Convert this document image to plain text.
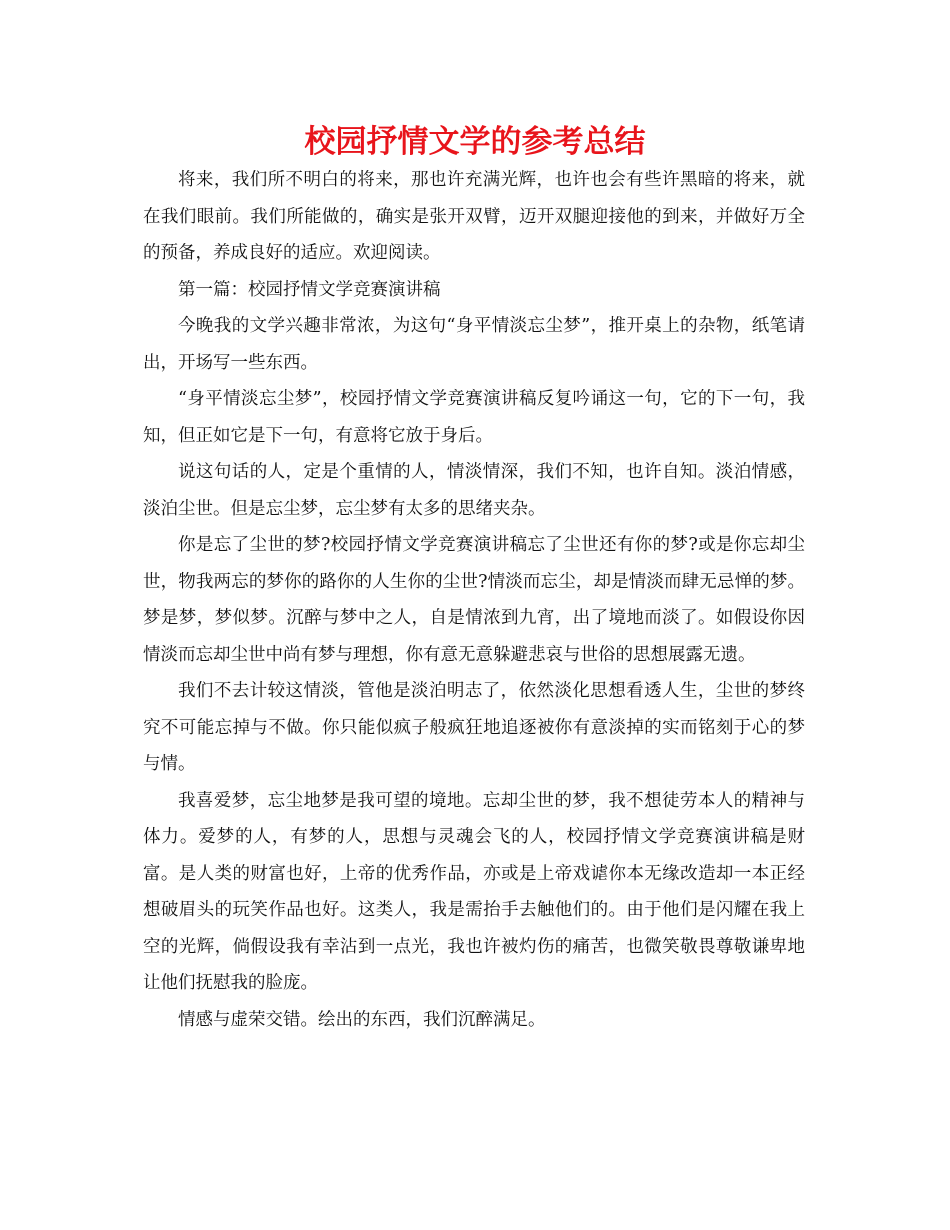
校园抒情文学的参考总结

将来，我们所不明白的将来，那也许充满光辉，也许也会有些许黑暗的将来，就在我们眼前。我们所能做的，确实是张开双臂，迈开双腿迎接他的到来，并做好万全的预备，养成良好的适应。欢迎阅读。

第一篇：校园抒情文学竞赛演讲稿

今晚我的文学兴趣非常浓，为这句“身平情淡忘尘梦”，推开桌上的杂物，纸笔请出，开场写一些东西。

“身平情淡忘尘梦”，校园抒情文学竞赛演讲稿反复吟诵这一句，它的下一句，我知，但正如它是下一句，有意将它放于身后。

说这句话的人，定是个重情的人，情淡情深，我们不知，也许自知。淡泊情感，淡泊尘世。但是忘尘梦，忘尘梦有太多的思绪夹杂。

你是忘了尘世的梦?校园抒情文学竞赛演讲稿忘了尘世还有你的梦?或是你忘却尘世，物我两忘的梦你的路你的人生你的尘世?情淡而忘尘，却是情淡而肆无忌惮的梦。梦是梦，梦似梦。沉醉与梦中之人，自是情浓到九宵，出了境地而淡了。如假设你因情淡而忘却尘世中尚有梦与理想，你有意无意躲避悲哀与世俗的思想展露无遗。

我们不去计较这情淡，管他是淡泊明志了，依然淡化思想看透人生，尘世的梦终究不可能忘掉与不做。你只能似疯子般疯狂地追逐被你有意淡掉的实而铭刻于心的梦与情。

我喜爱梦，忘尘地梦是我可望的境地。忘却尘世的梦，我不想徒劳本人的精神与体力。爱梦的人，有梦的人，思想与灵魂会飞的人，校园抒情文学竞赛演讲稿是财富。是人类的财富也好，上帝的优秀作品，亦或是上帝戏谑你本无缘改造却一本正经想破眉头的玩笑作品也好。这类人，我是需抬手去触他们的。由于他们是闪耀在我上空的光辉，倘假设我有幸沾到一点光，我也许被灼伤的痛苦，也微笑敬畏尊敬谦卑地让他们抚慰我的脸庞。

情感与虚荣交错。绘出的东西，我们沉醉满足。
